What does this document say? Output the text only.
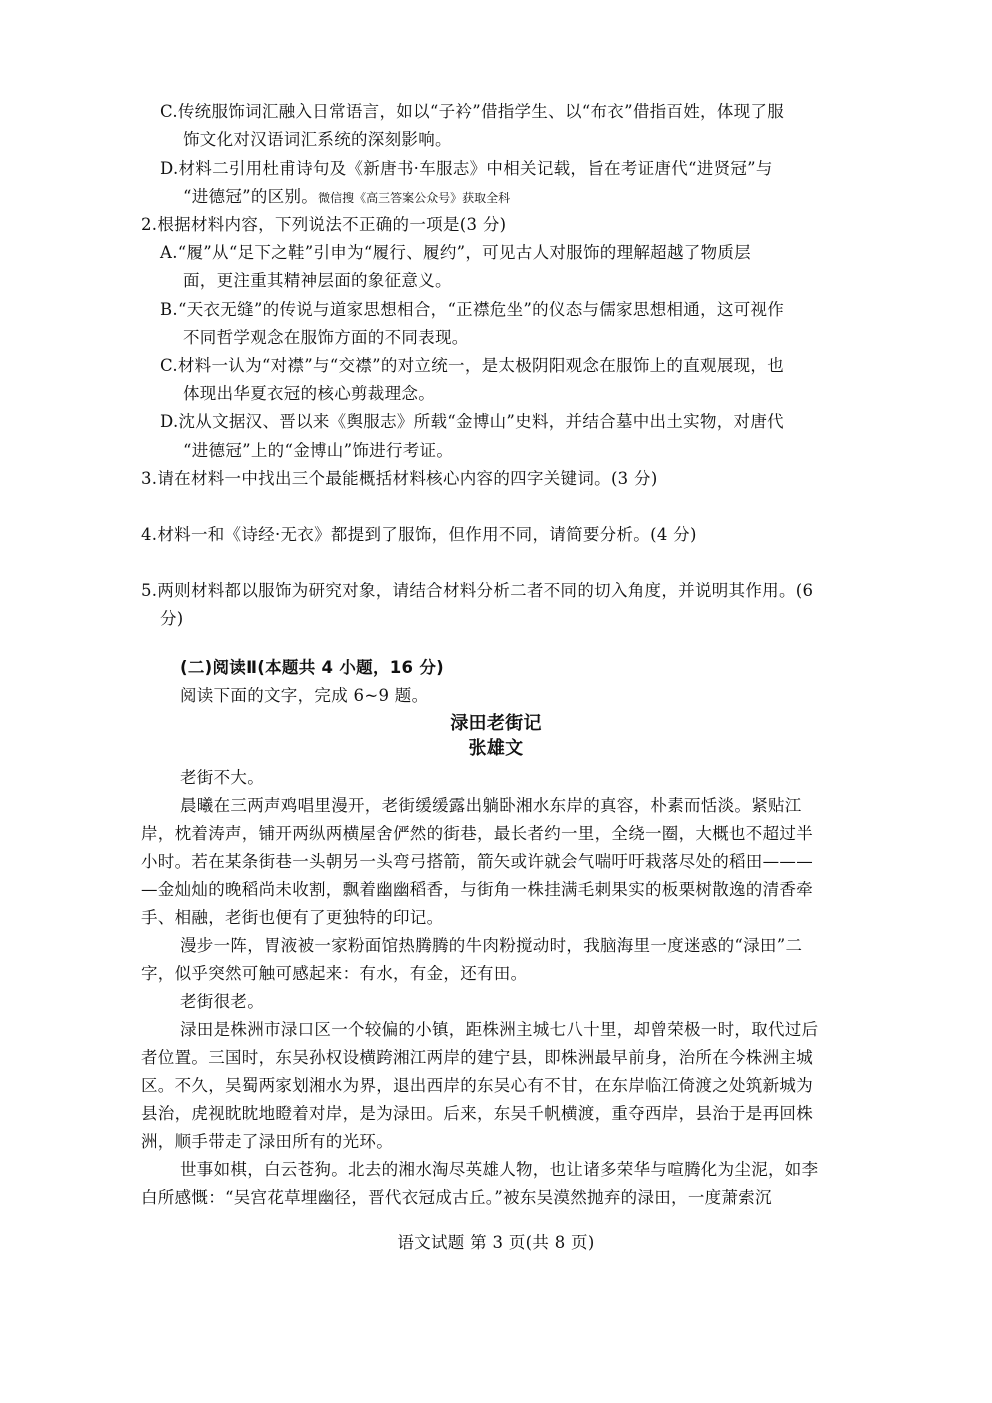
C.传统服饰词汇融入日常语言，如以“子衿”借指学生、以“布衣”借指百姓，体现了服
饰文化对汉语词汇系统的深刻影响。
D.材料二引用杜甫诗句及《新唐书·车服志》中相关记载，旨在考证唐代“进贤冠”与
“进德冠”的区别。微信搜《高三答案公众号》获取全科
2.根据材料内容，下列说法不正确的一项是(3 分)
A.“履”从“足下之鞋”引申为“履行、履约”，可见古人对服饰的理解超越了物质层
面，更注重其精神层面的象征意义。
B.“天衣无缝”的传说与道家思想相合，“正襟危坐”的仪态与儒家思想相通，这可视作
不同哲学观念在服饰方面的不同表现。
C.材料一认为“对襟”与“交襟”的对立统一，是太极阴阳观念在服饰上的直观展现，也
体现出华夏衣冠的核心剪裁理念。
D.沈从文据汉、晋以来《舆服志》所载“金博山”史料，并结合墓中出土实物，对唐代
“进德冠”上的“金博山”饰进行考证。
3.请在材料一中找出三个最能概括材料核心内容的四字关键词。(3 分)
4.材料一和《诗经·无衣》都提到了服饰，但作用不同，请简要分析。(4 分)
5.两则材料都以服饰为研究对象，请结合材料分析二者不同的切入角度，并说明其作用。(6
分)
(二)阅读Ⅱ(本题共 4 小题，16 分)
阅读下面的文字，完成 6~9 题。
渌田老街记
张雄文
老街不大。
晨曦在三两声鸡唱里漫开，老街缓缓露出躺卧湘水东岸的真容，朴素而恬淡。紧贴江
岸，枕着涛声，铺开两纵两横屋舍俨然的街巷，最长者约一里，全绕一圈，大概也不超过半
小时。若在某条街巷一头朝另一头弯弓搭箭，箭矢或许就会气喘吁吁栽落尽处的稻田———
—金灿灿的晚稻尚未收割，飘着幽幽稻香，与街角一株挂满毛刺果实的板栗树散逸的清香牵
手、相融，老街也便有了更独特的印记。
漫步一阵，胃液被一家粉面馆热腾腾的牛肉粉搅动时，我脑海里一度迷惑的“渌田”二
字，似乎突然可触可感起来：有水，有金，还有田。
老街很老。
渌田是株洲市渌口区一个较偏的小镇，距株洲主城七八十里，却曾荣极一时，取代过后
者位置。三国时，东吴孙权设横跨湘江两岸的建宁县，即株洲最早前身，治所在今株洲主城
区。不久，吴蜀两家划湘水为界，退出西岸的东吴心有不甘，在东岸临江倚渡之处筑新城为
县治，虎视眈眈地瞪着对岸，是为渌田。后来，东吴千帆横渡，重夺西岸，县治于是再回株
洲，顺手带走了渌田所有的光环。
世事如棋，白云苍狗。北去的湘水淘尽英雄人物，也让诸多荣华与喧腾化为尘泥，如李
白所感慨：“吴宫花草埋幽径，晋代衣冠成古丘。”被东吴漠然抛弃的渌田，一度萧索沉
语文试题 第 3 页(共 8 页)
